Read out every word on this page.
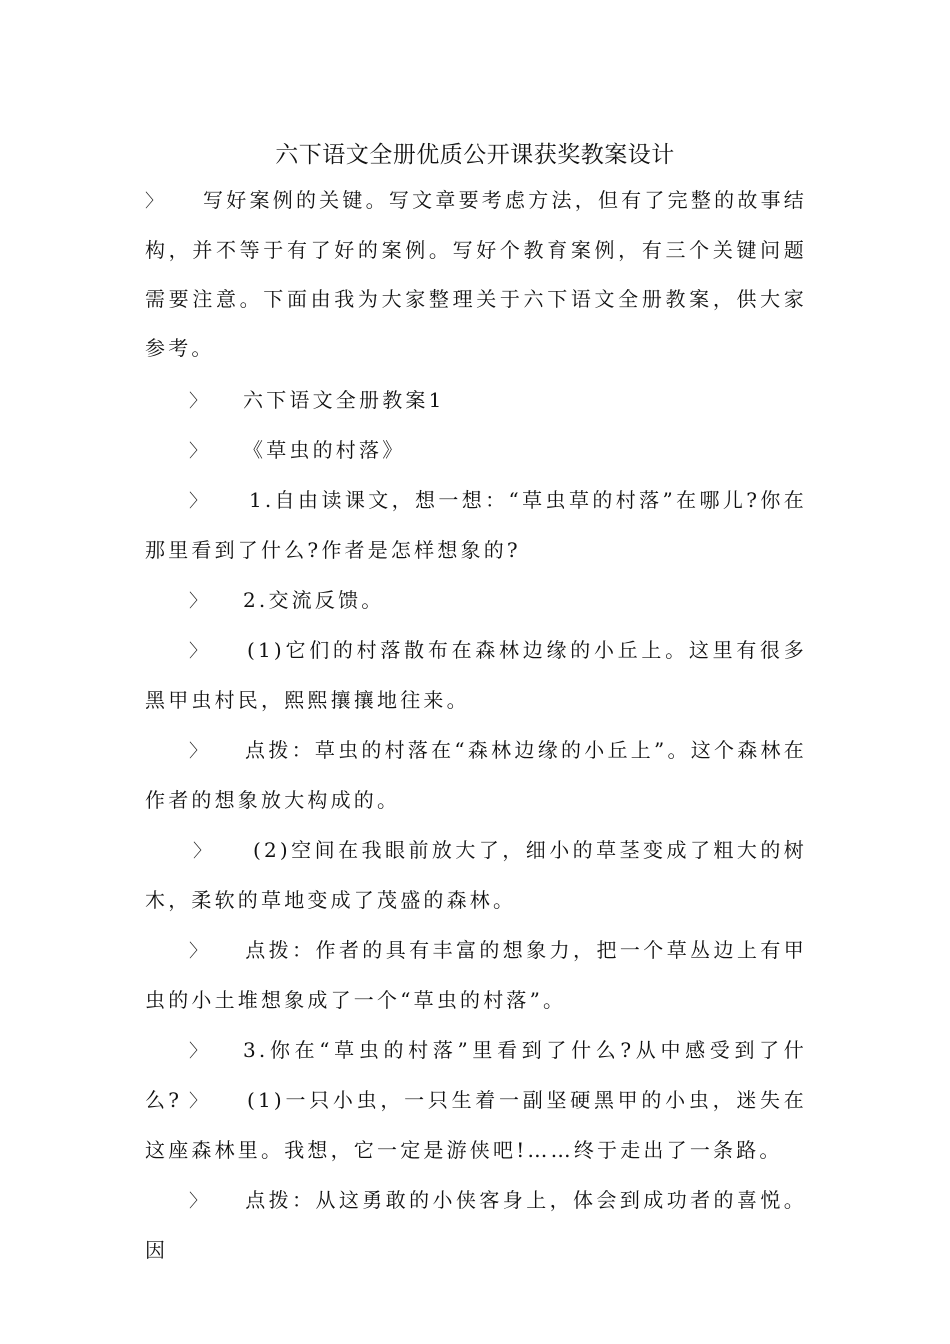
六下语文全册优质公开课获奖教案设计
〉 写好案例的关键。写文章要考虑方法，但有了完整的故事结构，并不等于有了好的案例。写好个教育案例，有三个关键问题需要注意。下面由我为大家整理关于六下语文全册教案，供大家参考。
〉 六下语文全册教案1
〉 《草虫的村落》
〉 1.自由读课文，想一想：“草虫草的村落”在哪儿?你在那里看到了什么?作者是怎样想象的?
〉 2.交流反馈。
〉 (1)它们的村落散布在森林边缘的小丘上。这里有很多黑甲虫村民，熙熙攘攘地往来。
〉 点拨：草虫的村落在“森林边缘的小丘上”。这个森林在作者的想象放大构成的。
〉 (2)空间在我眼前放大了，细小的草茎变成了粗大的树木，柔软的草地变成了茂盛的森林。
〉 点拨：作者的具有丰富的想象力，把一个草丛边上有甲虫的小土堆想象成了一个“草虫的村落”。
〉 3.你在“草虫的村落”里看到了什么?从中感受到了什么? 〉 (1)一只小虫，一只生着一副坚硬黑甲的小虫，迷失在这座森林里。我想，它一定是游侠吧!……终于走出了一条路。
〉 点拨：从这勇敢的小侠客身上，体会到成功者的喜悦。因
